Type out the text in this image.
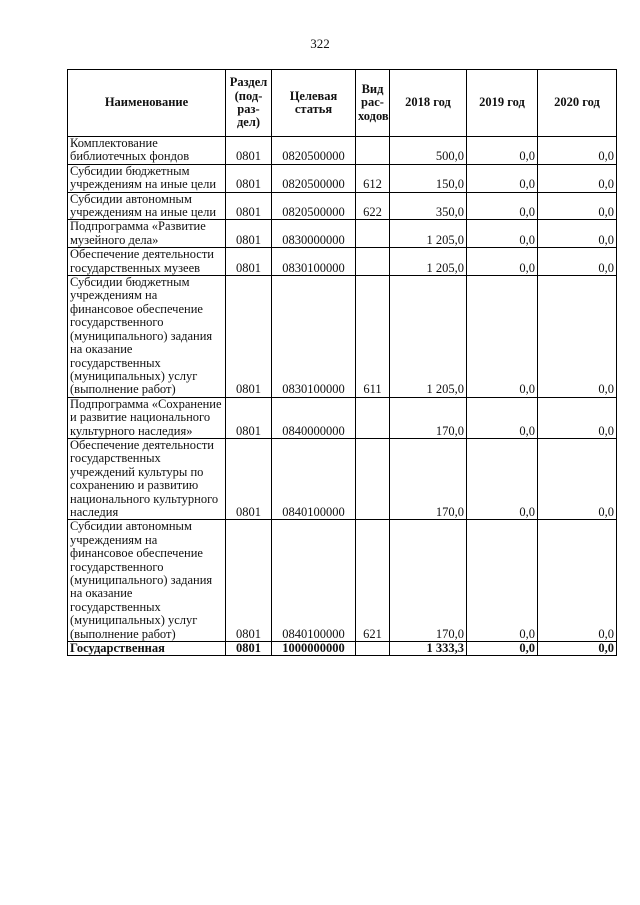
322
Наименование	Раздел (под-раз-дел)	Целевая статья	Вид рас-ходов	2018 год	2019 год	2020 год
Комплектование библиотечных фондов	0801	0820500000		500,0	0,0	0,0
Субсидии бюджетным учреждениям на иные цели	0801	0820500000	612	150,0	0,0	0,0
Субсидии автономным учреждениям на иные цели	0801	0820500000	622	350,0	0,0	0,0
Подпрограмма «Развитие музейного дела»	0801	0830000000		1 205,0	0,0	0,0
Обеспечение деятельности государственных музеев	0801	0830100000		1 205,0	0,0	0,0
Субсидии бюджетным учреждениям на финансовое обеспечение государственного (муниципального) задания на оказание государственных (муниципальных) услуг (выполнение работ)	0801	0830100000	611	1 205,0	0,0	0,0
Подпрограмма «Сохранение и развитие национального культурного наследия»	0801	0840000000		170,0	0,0	0,0
Обеспечение деятельности государственных учреждений культуры по сохранению и развитию национального культурного наследия	0801	0840100000		170,0	0,0	0,0
Субсидии автономным учреждениям на финансовое обеспечение государственного (муниципального) задания на оказание государственных (муниципальных) услуг (выполнение работ)	0801	0840100000	621	170,0	0,0	0,0
Государственная	0801	1000000000		1 333,3	0,0	0,0
